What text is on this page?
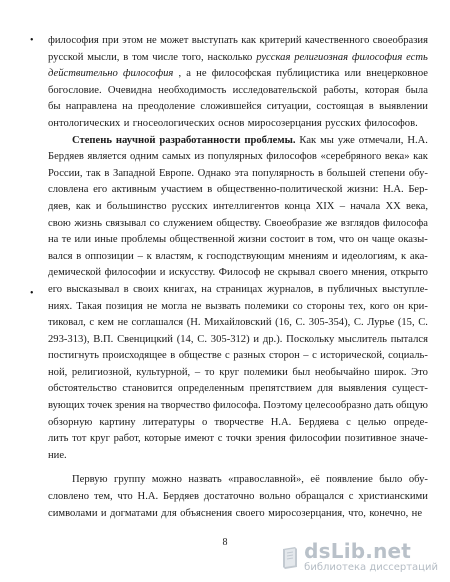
•
•
философия при этом не может выступать как критерий качественного своеобразия
русской мысли, в том числе того, насколько русская религиозная философия есть
действительно философия , а не философская публицистика или внецерковное
богословие. Очевидна необходимость исследовательской работы, которая была
бы направлена на преодоление сложившейся ситуации, состоящая в выявлении
онтологических и гносеологических основ миросозерцания русских философов.
Степень научной разработанности проблемы. Как мы уже отмечали, Н.А.
Бердяев является одним самых из популярных философов «серебряного века» как
России, так в Западной Европе. Однако эта популярность в большей степени обу-
словлена его активным участием в общественно-политической жизни: Н.А. Бер-
дяев, как и большинство русских интеллигентов конца XIX – начала XX века,
свою жизнь связывал со служением обществу. Своеобразие же взглядов философа
на те или иные проблемы общественной жизни состоит в том, что он чаще оказы-
вался в оппозиции – к властям, к господствующим мнениям и идеологиям, к ака-
демической философии и искусству. Философ не скрывал своего мнения, открыто
его высказывал в своих книгах, на страницах журналов, в публичных выступле-
ниях. Такая позиция не могла не вызвать полемики со стороны тех, кого он кри-
тиковал, с кем не соглашался (Н. Михайловский (16, С. 305-354), С. Лурье (15, С.
293-313), В.П. Свенцицкий (14, С. 305-312) и др.). Поскольку мыслитель пытался
постигнуть происходящее в обществе с разных сторон – с исторической, социаль-
ной, религиозной, культурной, – то круг полемики был необычайно широк. Это
обстоятельство становится определенным препятствием для выявления сущест-
вующих точек зрения на творчество философа. Поэтому целесообразно дать общую
обзорную картину литературы о творчестве Н.А. Бердяева с целью опреде-
лить тот круг работ, которые имеют с точки зрения философии позитивное значе-
ние.
Первую группу можно назвать «православной», её появление было обу-
словлено тем, что Н.А. Бердяев достаточно вольно обращался с христианскими
символами и догматами для объяснения своего миросозерцания, что, конечно, не
8	dsLib.net
библиотека диссертаций
